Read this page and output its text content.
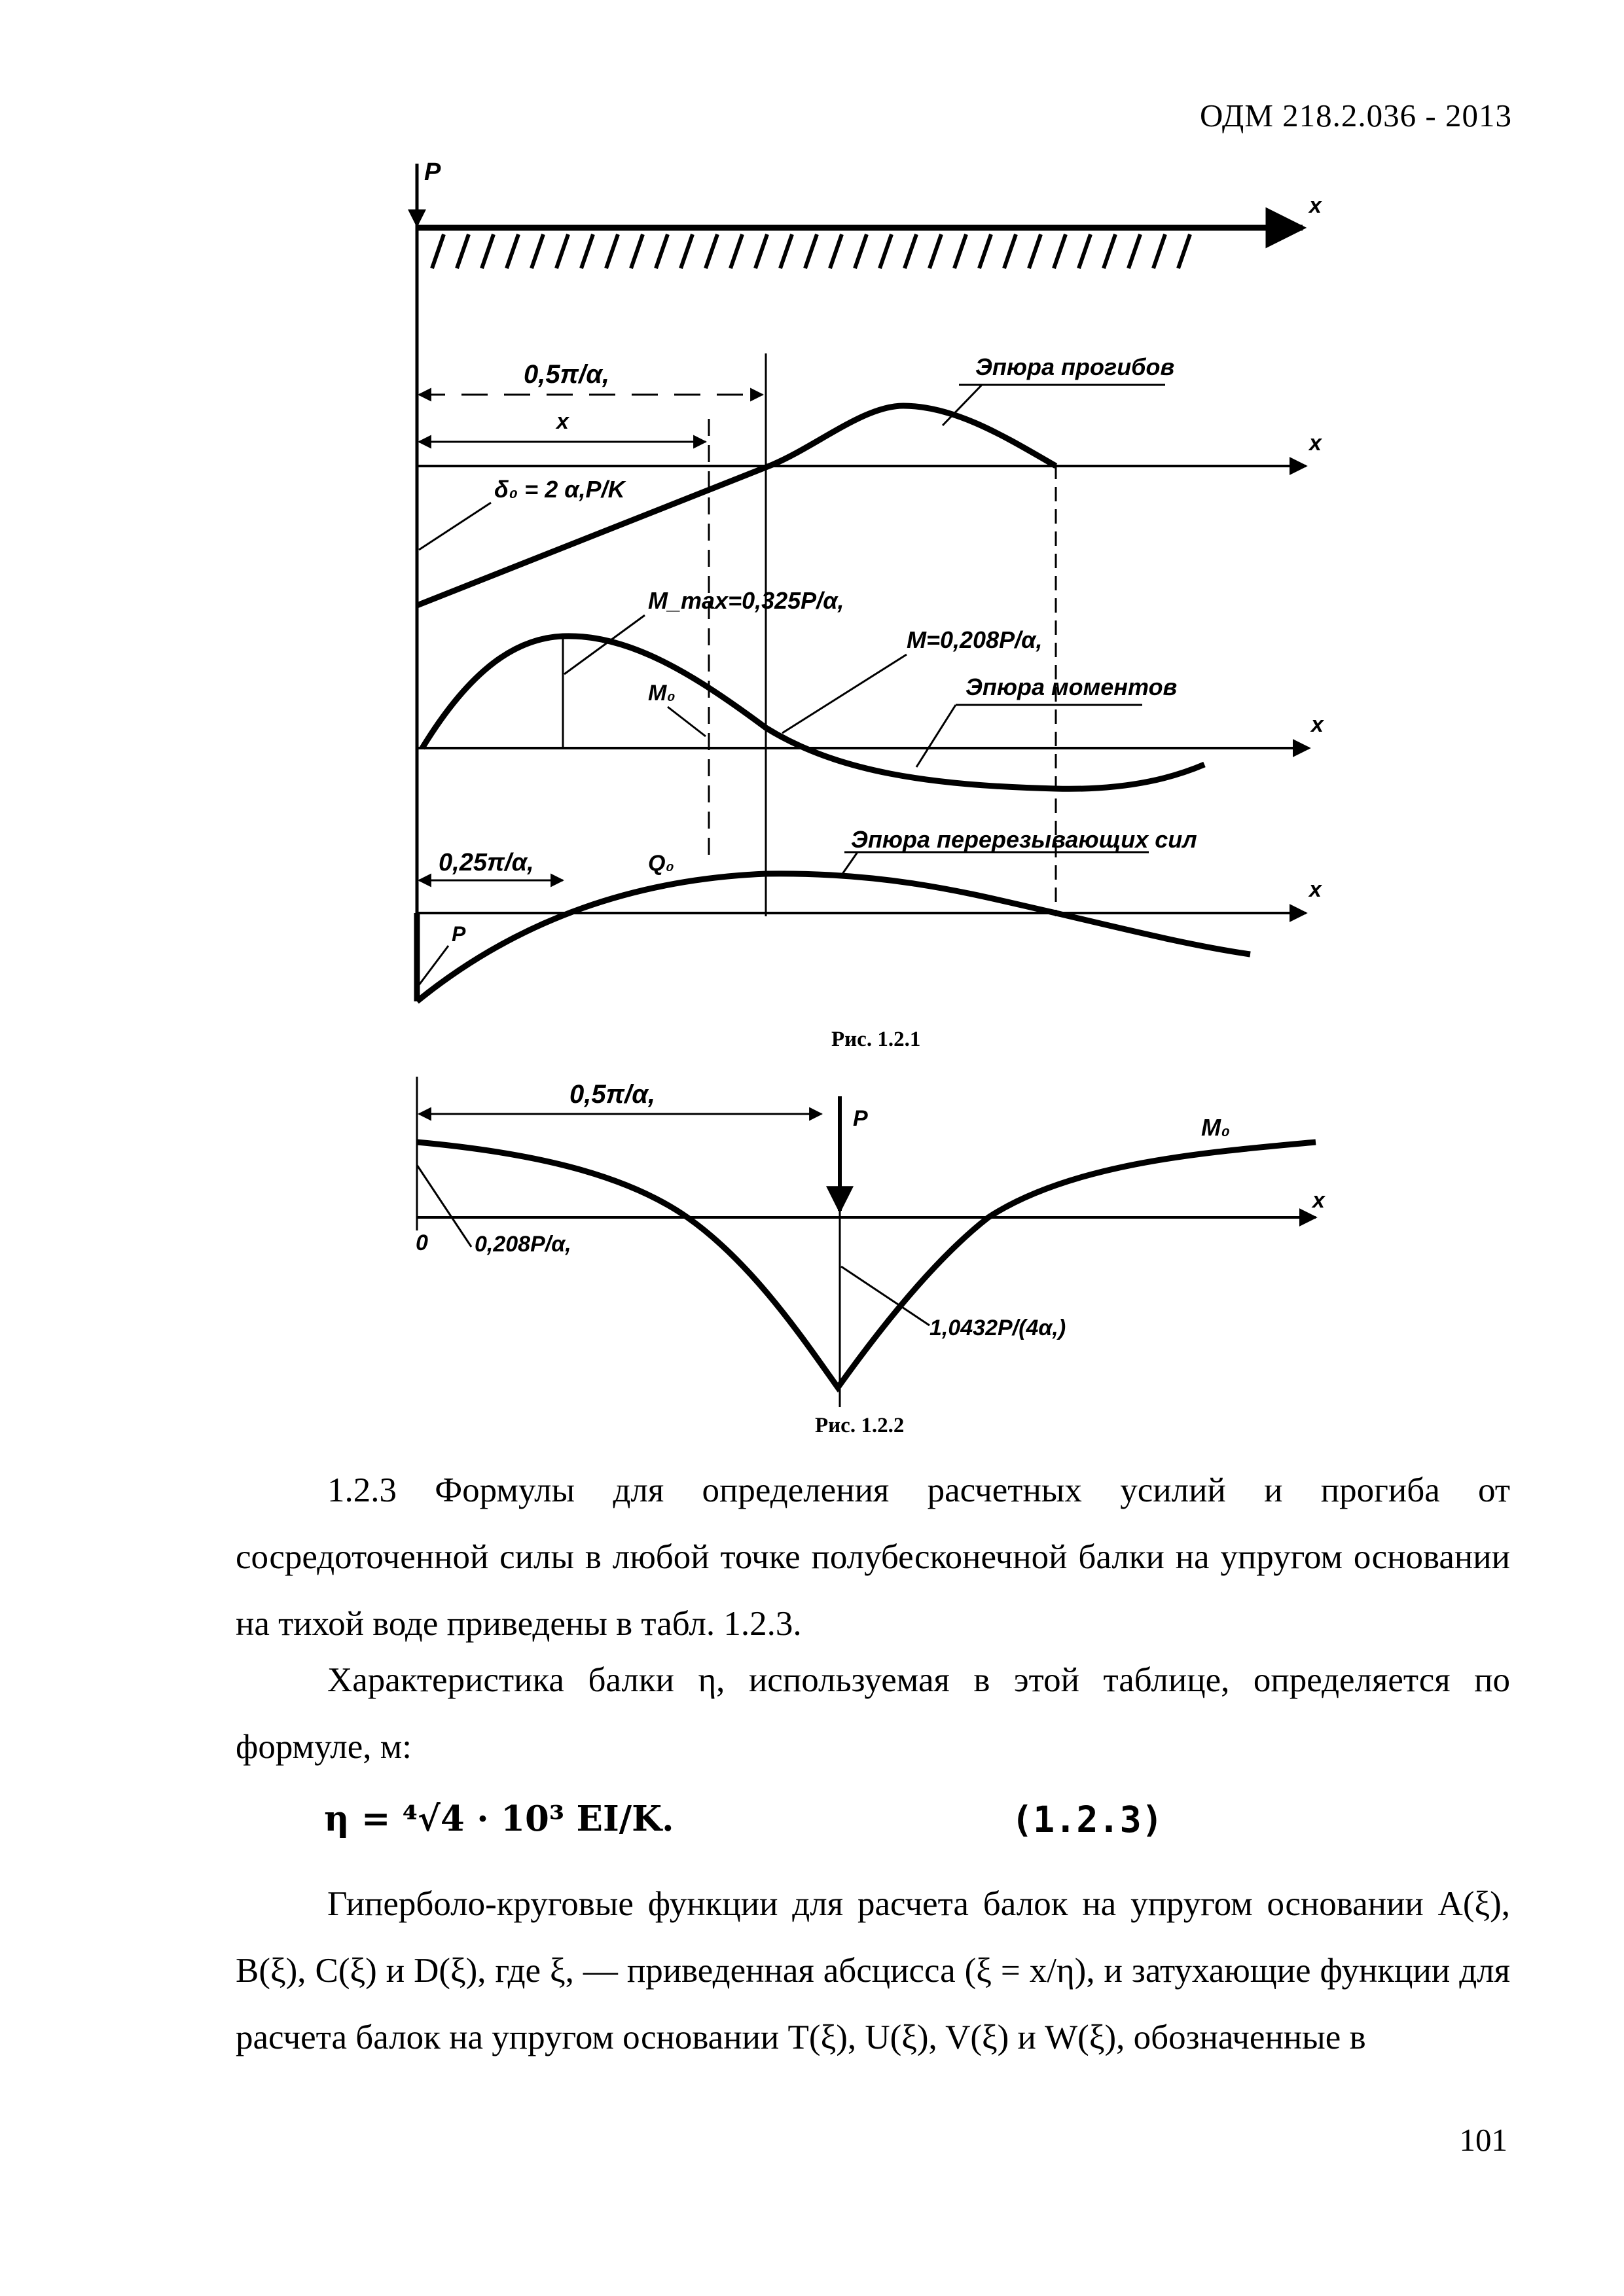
ОДМ 218.2.036 - 2013
P
x
0,5π/α,
x
x
Эпюра прогибов
δ₀ = 2 α,P/K
x
M_max=0,325P/α,
M=0,208P/α,
M₀	Эпюра моментов
x
0,25π/α,	Q₀
Эпюра перерезывающих сил
P
Рис. 1.2.1
0,5π/α,
P
x
0
M₀
0,208P/α,
1,0432P/(4α,)
Рис. 1.2.2
1.2.3 Формулы для определения расчетных усилий и прогиба от сосредоточенной силы в любой точке полубесконечной балки на упругом основании на тихой воде приведены в табл. 1.2.3.
Характеристика балки η, используемая в этой таблице, определяется по формуле, м:
η = ⁴√4 · 10³ EI/K.	(1.2.3)
Гиперболо-круговые функции для расчета балок на упругом основании A(ξ), B(ξ), C(ξ) и D(ξ), где ξ, — приведенная абсцисса (ξ = x/η), и затухающие функции для расчета балок на упругом основании T(ξ), U(ξ), V(ξ) и W(ξ), обозначенные в
101
